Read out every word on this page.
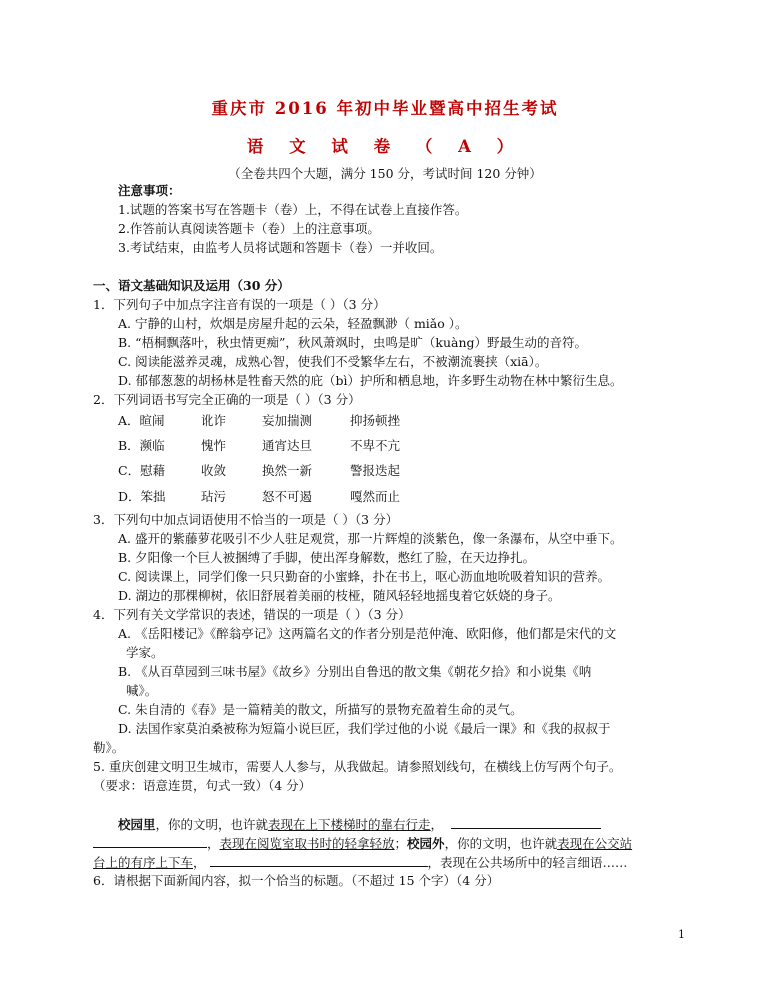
重庆市 2016 年初中毕业暨高中招生考试
语 文 试 卷 （ A ）
（全卷共四个大题，满分 150 分，考试时间 120 分钟）
注意事项：
1.试题的答案书写在答题卡（卷）上，不得在试卷上直接作答。
2.作答前认真阅读答题卡（卷）上的注意事项。
3.考试结束，由监考人员将试题和答题卡（卷）一并收回。
一、语文基础知识及运用（30 分）
1．下列句子中加点字注音有误的一项是（ ）（3 分）
A. 宁静的山村，炊烟是房屋升起的云朵，轻盈飘渺（ miǎo ）。
B. “梧桐飘落叶，秋虫情更痴”，秋风萧飒时，虫鸣是旷（kuàng）野最生动的音符。
C. 阅读能滋养灵魂，成熟心智，使我们不受繁华左右，不被潮流裹挟（xiā）。
D. 郁郁葱葱的胡杨林是牲畜天然的庇（bì）护所和栖息地，许多野生动物在林中繁衍生息。
2．下列词语书写完全正确的一项是（ ）（3 分）
A．暄闹	讹诈	妄加揣测	抑扬顿挫
B．濒临	愧怍	通宵达旦	不卑不亢
C．慰藉	收敛	换然一新	警报迭起
D．笨拙	玷污	怒不可遏	嘎然而止
3．下列句中加点词语使用不恰当的一项是（ ）（3 分）
A. 盛开的紫藤萝花吸引不少人驻足观赏，那一片辉煌的淡紫色，像一条瀑布，从空中垂下。
B. 夕阳像一个巨人被捆缚了手脚，使出浑身解数，憋红了脸，在天边挣扎。
C. 阅读课上，同学们像一只只勤奋的小蜜蜂，扑在书上，呕心沥血地吮吸着知识的营养。
D. 湖边的那棵柳树，依旧舒展着美丽的枝桠，随风轻轻地摇曳着它妖娆的身子。
4．下列有关文学常识的表述，错误的一项是（ ）（3 分）
A. 《岳阳楼记》《醉翁亭记》这两篇名文的作者分别是范仲淹、欧阳修，他们都是宋代的文
学家。
B. 《从百草园到三味书屋》《故乡》分别出自鲁迅的散文集《朝花夕拾》和小说集《呐
喊》。
C. 朱自清的《春》是一篇精美的散文，所描写的景物充盈着生命的灵气。
D. 法国作家莫泊桑被称为短篇小说巨匠，我们学过他的小说《最后一课》和《我的叔叔于
勒》。
5. 重庆创建文明卫生城市，需要人人参与，从我做起。请参照划线句，在横线上仿写两个句子。
（要求：语意连贯，句式一致）（4 分）
校园里，你的文明，也许就表现在上下楼梯时的靠右行走，
，表现在阅览室取书时的轻拿轻放；校园外，你的文明，也许就表现在公交站
台上的有序上下车，	，表现在公共场所中的轻言细语……
6．请根据下面新闻内容，拟一个恰当的标题。（不超过 15 个字）（4 分）
1
